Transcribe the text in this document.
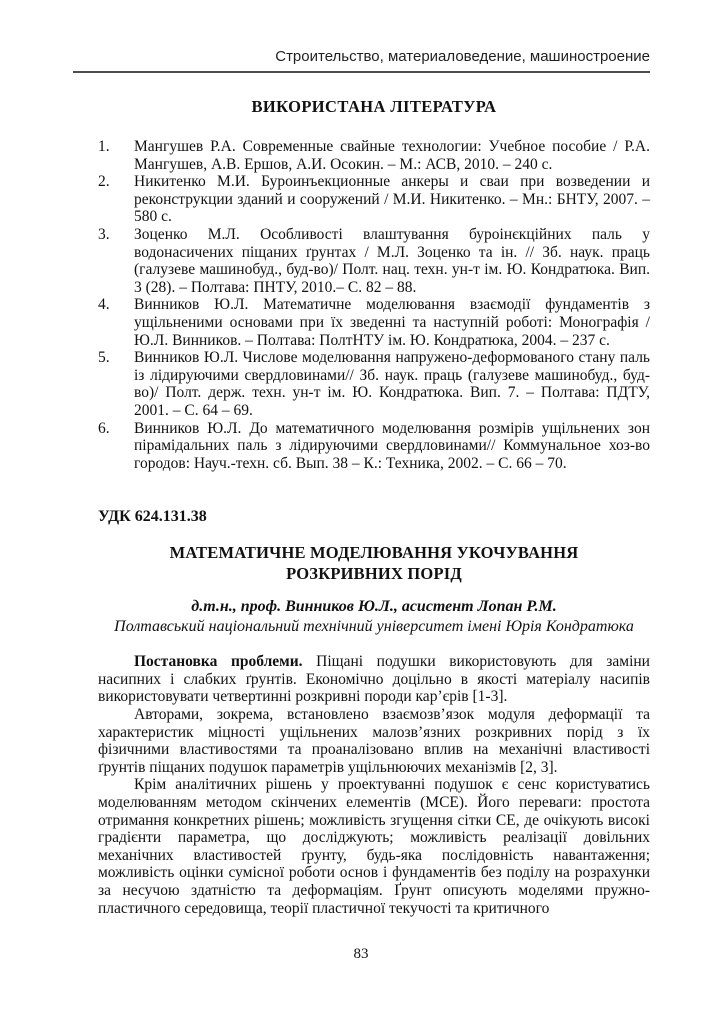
Строительство, материаловедение, машиностроение
ВИКОРИСТАНА ЛІТЕРАТУРА
1.	Мангушев Р.А. Современные свайные технологии: Учебное пособие / Р.А. Мангушев, А.В. Ершов, А.И. Осокин. – М.: АСВ, 2010. – 240 с.
2.	Никитенко М.И. Буроинъекционные анкеры и сваи при возведении и реконструкции зданий и сооружений / М.И. Никитенко. – Мн.: БНТУ, 2007. – 580 с.
3.	Зоценко М.Л. Особливості влаштування буроінєкційних паль у водонасичених піщаних ґрунтах / М.Л. Зоценко та ін. // Зб. наук. праць (галузеве машинобуд., буд-во)/ Полт. нац. техн. ун-т ім. Ю. Кондратюка. Вип. 3 (28). – Полтава: ПНТУ, 2010.– С. 82 – 88.
4.	Винников Ю.Л. Математичне моделювання взаємодії фундаментів з ущільненими основами при їх зведенні та наступній роботі: Монографія / Ю.Л. Винников. – Полтава: ПолтНТУ ім. Ю. Кондратюка, 2004. – 237 с.
5.	Винников Ю.Л. Числове моделювання напружено-деформованого стану паль із лідируючими свердловинами// Зб. наук. праць (галузеве машинобуд., буд-во)/ Полт. держ. техн. ун-т ім. Ю. Кондратюка. Вип. 7. – Полтава: ПДТУ, 2001. – С. 64 – 69.
6.	Винников Ю.Л. До математичного моделювання розмірів ущільнених зон пірамідальних паль з лідируючими свердловинами// Коммунальное хоз-во городов: Науч.-техн. сб. Вып. 38 – К.: Техника, 2002. – С. 66 – 70.
УДК 624.131.38
МАТЕМАТИЧНЕ МОДЕЛЮВАННЯ УКОЧУВАННЯ
РОЗКРИВНИХ ПОРІД
д.т.н., проф. Винников Ю.Л., асистент Лопан Р.М.
Полтавський національний технічний університет імені Юрія Кондратюка

Постановка проблеми. Піщані подушки використовують для заміни насипних і слабких ґрунтів. Економічно доцільно в якості матеріалу насипів використовувати четвертинні розкривні породи кар’єрів [1-3].

Авторами, зокрема, встановлено взаємозв’язок модуля деформації та характеристик міцності ущільнених малозв’язних розкривних порід з їх фізичними властивостями та проаналізовано вплив на механічні властивості ґрунтів піщаних подушок параметрів ущільнюючих механізмів [2, 3].

Крім аналітичних рішень у проектуванні подушок є сенс користуватись моделюванням методом скінчених елементів (МСЕ). Його переваги: простота отримання конкретних рішень; можливість згущення сітки СЕ, де очікують високі градієнти параметра, що досліджують; можливість реалізації довільних механічних властивостей ґрунту, будь-яка послідовність навантаження; можливість оцінки сумісної роботи основ і фундаментів без поділу на розрахунки за несучою здатністю та деформаціям. Ґрунт описують моделями пружно-пластичного середовища, теорії пластичної текучості та критичного

83
